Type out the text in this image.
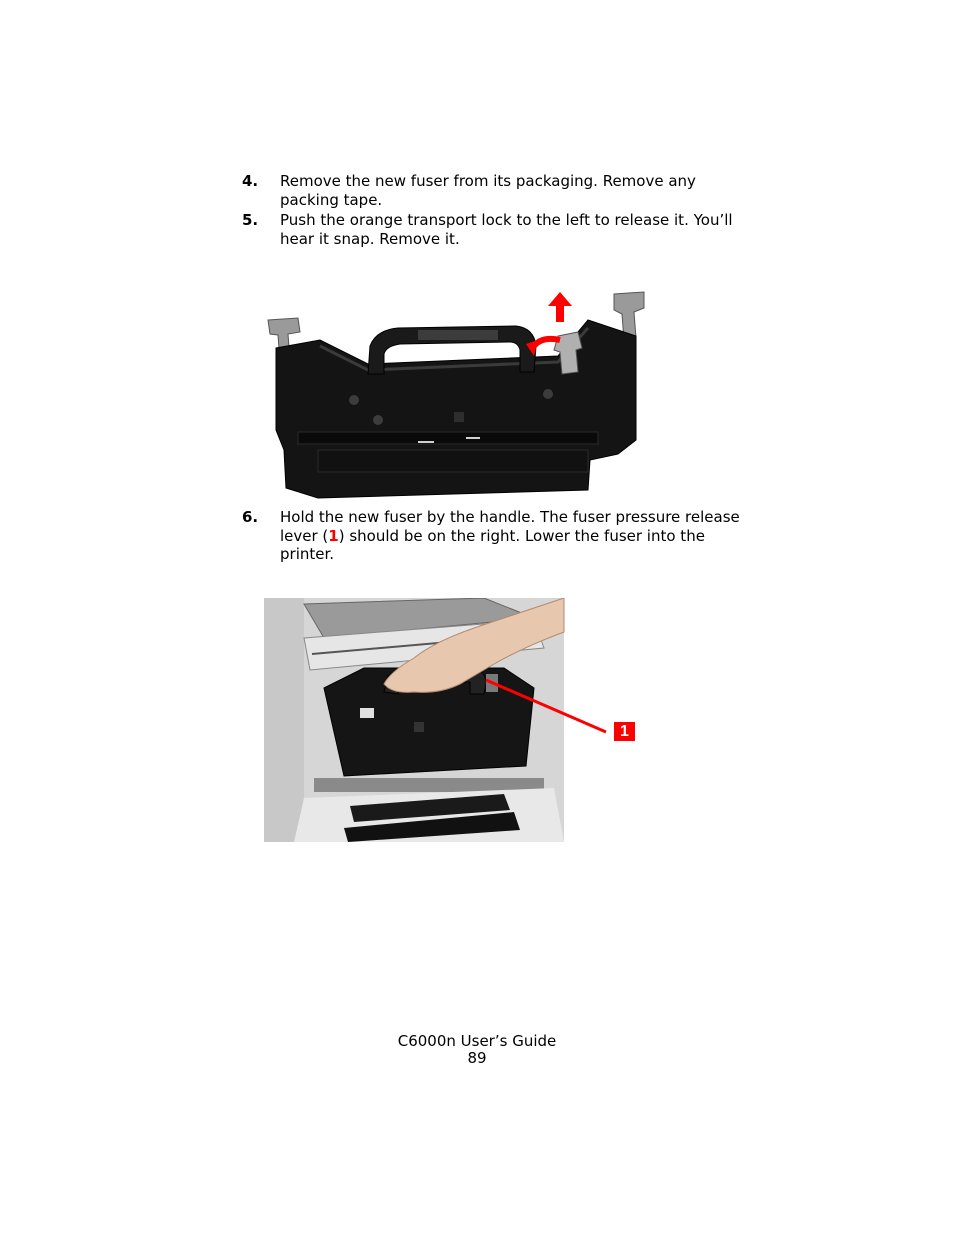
4. Remove the new fuser from its packaging. Remove any packing tape.
5. Push the orange transport lock to the left to release it. You’ll hear it snap. Remove it.
6. Hold the new fuser by the handle. The fuser pressure release lever (1) should be on the right. Lower the fuser into the printer.
1
C6000n User’s Guide
89
